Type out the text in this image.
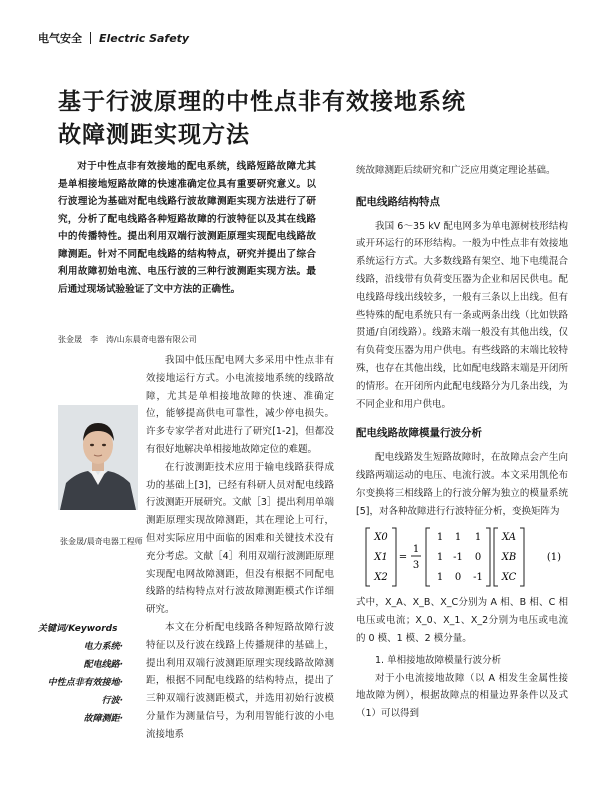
电气安全 Electric Safety
基于行波原理的中性点非有效接地系统
故障测距实现方法
对于中性点非有效接地的配电系统，线路短路故障尤其是单相接地短路故障的快速准确定位具有重要研究意义。以行波理论为基础对配电线路行波故障测距实现方法进行了研究，分析了配电线路各种短路故障的行波特征以及其在线路中的传播特性。提出利用双端行波测距原理实现配电线路故障测距。针对不同配电线路的结构特点，研究并提出了综合利用故障初始电流、电压行波的三种行波测距实现方法。最后通过现场试验验证了文中方法的正确性。
张金晟　李　涛/山东晨奇电器有限公司
张金晟/晨奇电器工程师
关键词/Keywords
电力系统·
配电线路·
中性点非有效接地·
行波·
故障测距·

我国中低压配电网大多采用中性点非有效接地运行方式。小电流接地系统的线路故障，尤其是单相接地故障的快速、准确定位，能够提高供电可靠性，减少停电损失。许多专家学者对此进行了研究[1-2]，但都没有很好地解决单相接地故障定位的难题。

在行波测距技术应用于输电线路获得成功的基础上[3]，已经有科研人员对配电线路行波测距开展研究。文献［3］提出利用单端测距原理实现故障测距，其在理论上可行，但对实际应用中面临的困难和关键技术没有充分考虑。文献［4］利用双端行波测距原理实现配电网故障测距，但没有根据不同配电线路的结构特点对行波故障测距模式作详细研究。

本文在分析配电线路各种短路故障行波特征以及行波在线路上传播规律的基础上，提出利用双端行波测距原理实现线路故障测距，根据不同配电线路的结构特点，提出了三种双端行波测距模式，并选用初始行波模分量作为测量信号，为利用智能行波的小电流接地系

统故障测距后续研究和广泛应用奠定理论基础。

配电线路结构特点

我国 6～35 kV 配电网多为单电源树枝形结构或开环运行的环形结构。一般为中性点非有效接地系统运行方式。大多数线路有架空、地下电缆混合线路，沿线带有负荷变压器为企业和居民供电。配电线路母线出线较多，一般有三条以上出线。但有些特殊的配电系统只有一条或两条出线（比如铁路贯通/自闭线路）。线路末端一般没有其他出线，仅有负荷变压器为用户供电。有些线路的末端比较特殊，也存在其他出线，比如配电线路末端是开闭所的情形。在开闭所内此配电线路分为几条出线，为不同企业和用户供电。

配电线路故障模量行波分析

配电线路发生短路故障时，在故障点会产生向线路两端运动的电压、电流行波。本文采用凯伦布尔变换将三相线路上的行波分解为独立的模量系统[5]，对各种故障进行行波特征分析，变换矩阵为

X0
X1
X2
=
1
3
1 1 1
1 -1 0
1 0 -1
XA
XB
XC
(1)

式中，X_A、X_B、X_C分别为 A 相、B 相、C 相电压或电流；X_0、X_1、X_2分别为电压或电流的 0 模、1 模、2 模分量。

1. 单相接地故障模量行波分析

对于小电流接地故障（以 A 相发生金属性接地故障为例），根据故障点的相量边界条件以及式（1）可以得到
